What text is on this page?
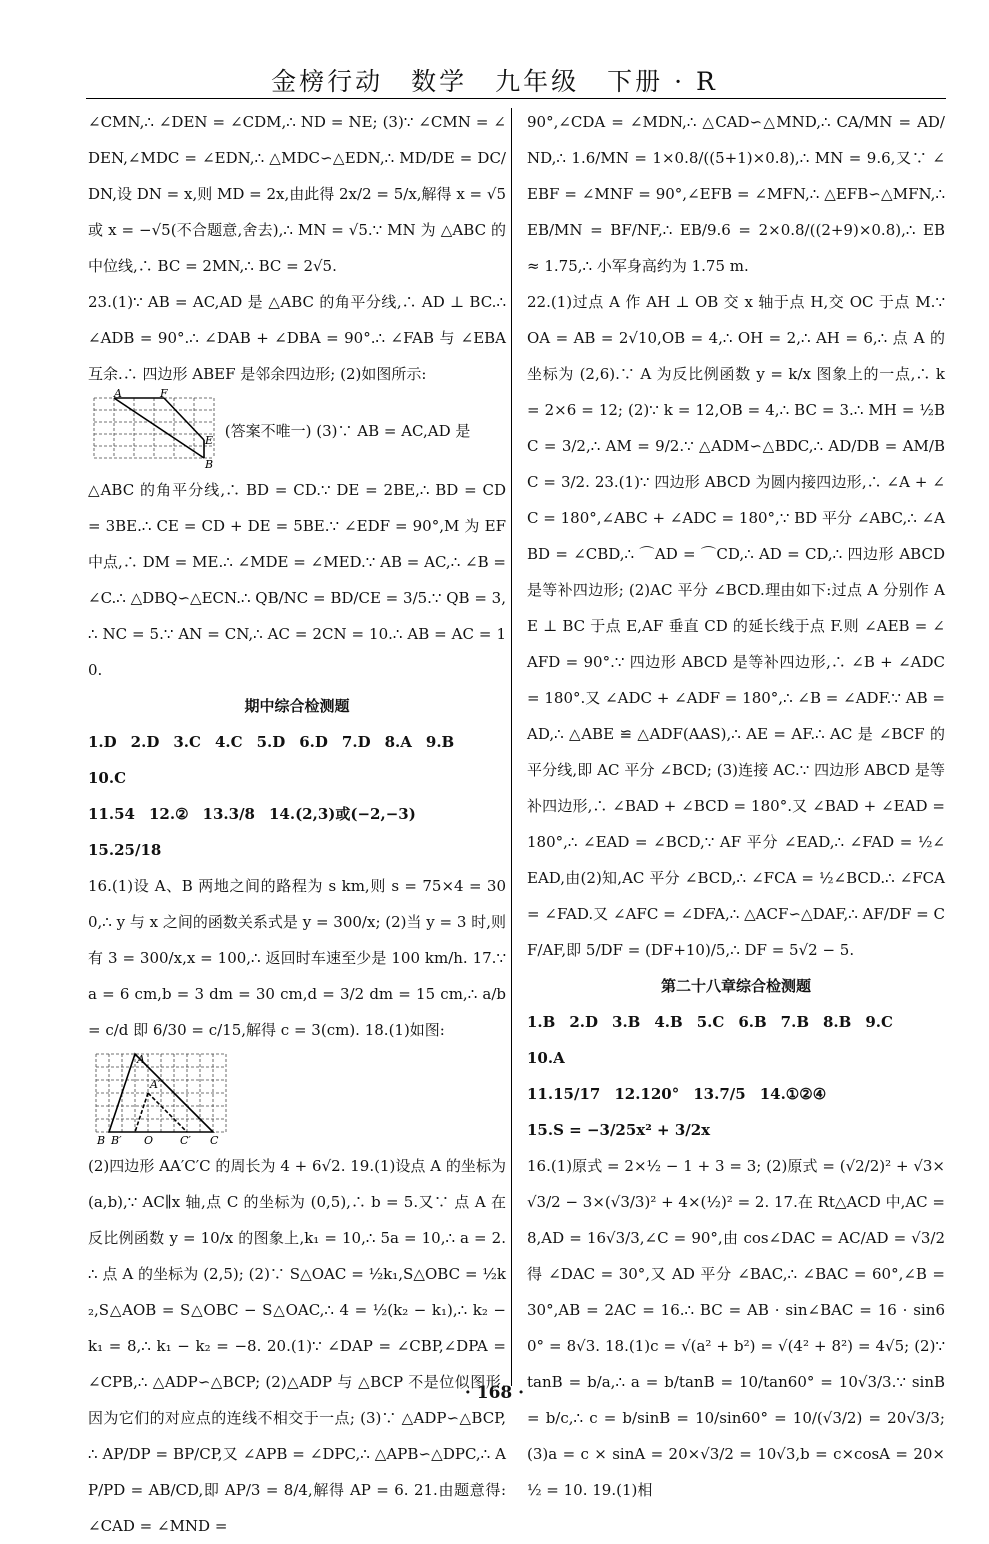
金榜行动　数学　九年级　下册 · R

∠CMN,∴ ∠DEN = ∠CDM,∴ ND = NE; (3)∵ ∠CMN = ∠DEN,∠MDC = ∠EDN,∴ △MDC∽△EDN,∴ MD/DE = DC/DN,设 DN = x,则 MD = 2x,由此得 2x/2 = 5/x,解得 x = √5 或 x = −√5(不合题意,舍去),∴ MN = √5.∵ MN 为 △ABC 的中位线,∴ BC = 2MN,∴ BC = 2√5.

23.(1)∵ AB = AC,AD 是 △ABC 的角平分线,∴ AD ⊥ BC.∴ ∠ADB = 90°.∴ ∠DAB + ∠DBA = 90°.∴ ∠FAB 与 ∠EBA 互余.∴ 四边形 ABEF 是邻余四边形; (2)如图所示:

A	F
E
B
(答案不唯一) (3)∵ AB = AC,AD 是

△ABC 的角平分线,∴ BD = CD.∵ DE = 2BE,∴ BD = CD = 3BE.∴ CE = CD + DE = 5BE.∵ ∠EDF = 90°,M 为 EF 中点,∴ DM = ME.∴ ∠MDE = ∠MED.∵ AB = AC,∴ ∠B = ∠C.∴ △DBQ∽△ECN.∴ QB/NC = BD/CE = 3/5.∵ QB = 3,∴ NC = 5.∵ AN = CN,∴ AC = 2CN = 10.∴ AB = AC = 10.

期中综合检测题

1.D 2.D 3.C 4.C 5.D 6.D 7.D 8.A 9.B10.C

11.54 12.② 13.3/8 14.(2,3)或(−2,−3)15.25/18

16.(1)设 A、B 两地之间的路程为 s km,则 s = 75×4 = 300,∴ y 与 x 之间的函数关系式是 y = 300/x; (2)当 y = 3 时,则有 3 = 300/x,x = 100,∴ 返回时车速至少是 100 km/h. 17.∵ a = 6 cm,b = 3 dm = 30 cm,d = 3/2 dm = 15 cm,∴ a/b = c/d 即 6/30 = c/15,解得 c = 3(cm). 18.(1)如图:

A
A′
B B′ O C′ C

(2)四边形 AA′C′C 的周长为 4 + 6√2. 19.(1)设点 A 的坐标为 (a,b),∵ AC∥x 轴,点 C 的坐标为 (0,5),∴ b = 5.又∵ 点 A 在反比例函数 y = 10/x 的图象上,k₁ = 10,∴ 5a = 10,∴ a = 2.∴ 点 A 的坐标为 (2,5); (2)∵ S△OAC = ½k₁,S△OBC = ½k₂,S△AOB = S△OBC − S△OAC,∴ 4 = ½(k₂ − k₁),∴ k₂ − k₁ = 8,∴ k₁ − k₂ = −8. 20.(1)∵ ∠DAP = ∠CBP,∠DPA = ∠CPB,∴ △ADP∽△BCP; (2)△ADP 与 △BCP 不是位似图形,因为它们的对应点的连线不相交于一点; (3)∵ △ADP∽△BCP,∴ AP/DP = BP/CP,又 ∠APB = ∠DPC,∴ △APB∽△DPC,∴ AP/PD = AB/CD,即 AP/3 = 8/4,解得 AP = 6. 21.由题意得:∠CAD = ∠MND =

90°,∠CDA = ∠MDN,∴ △CAD∽△MND,∴ CA/MN = AD/ND,∴ 1.6/MN = 1×0.8/((5+1)×0.8),∴ MN = 9.6,又∵ ∠EBF = ∠MNF = 90°,∠EFB = ∠MFN,∴ △EFB∽△MFN,∴ EB/MN = BF/NF,∴ EB/9.6 = 2×0.8/((2+9)×0.8),∴ EB ≈ 1.75,∴ 小军身高约为 1.75 m.

22.(1)过点 A 作 AH ⊥ OB 交 x 轴于点 H,交 OC 于点 M.∵ OA = AB = 2√10,OB = 4,∴ OH = 2,∴ AH = 6,∴ 点 A 的坐标为 (2,6).∵ A 为反比例函数 y = k/x 图象上的一点,∴ k = 2×6 = 12; (2)∵ k = 12,OB = 4,∴ BC = 3.∴ MH = ½BC = 3/2,∴ AM = 9/2.∵ △ADM∽△BDC,∴ AD/DB = AM/BC = 3/2. 23.(1)∵ 四边形 ABCD 为圆内接四边形,∴ ∠A + ∠C = 180°,∠ABC + ∠ADC = 180°,∵ BD 平分 ∠ABC,∴ ∠ABD = ∠CBD,∴ ⌒AD = ⌒CD,∴ AD = CD,∴ 四边形 ABCD 是等补四边形; (2)AC 平分 ∠BCD.理由如下:过点 A 分别作 AE ⊥ BC 于点 E,AF 垂直 CD 的延长线于点 F.则 ∠AEB = ∠AFD = 90°.∵ 四边形 ABCD 是等补四边形,∴ ∠B + ∠ADC = 180°.又 ∠ADC + ∠ADF = 180°,∴ ∠B = ∠ADF.∵ AB = AD,∴ △ABE ≌ △ADF(AAS),∴ AE = AF.∴ AC 是 ∠BCF 的平分线,即 AC 平分 ∠BCD; (3)连接 AC.∵ 四边形 ABCD 是等补四边形,∴ ∠BAD + ∠BCD = 180°.又 ∠BAD + ∠EAD = 180°,∴ ∠EAD = ∠BCD,∵ AF 平分 ∠EAD,∴ ∠FAD = ½∠EAD,由(2)知,AC 平分 ∠BCD,∴ ∠FCA = ½∠BCD.∴ ∠FCA = ∠FAD.又 ∠AFC = ∠DFA,∴ △ACF∽△DAF,∴ AF/DF = CF/AF,即 5/DF = (DF+10)/5,∴ DF = 5√2 − 5.

第二十八章综合检测题

1.B 2.D 3.B 4.B 5.C 6.B 7.B 8.B 9.C10.A

11.15/17 12.120° 13.7/5 14.①②④15.S = −3/25x² + 3/2x

16.(1)原式 = 2×½ − 1 + 3 = 3; (2)原式 = (√2/2)² + √3×√3/2 − 3×(√3/3)² + 4×(½)² = 2. 17.在 Rt△ACD 中,AC = 8,AD = 16√3/3,∠C = 90°,由 cos∠DAC = AC/AD = √3/2 得 ∠DAC = 30°,又 AD 平分 ∠BAC,∴ ∠BAC = 60°,∠B = 30°,AB = 2AC = 16.∴ BC = AB · sin∠BAC = 16 · sin60° = 8√3. 18.(1)c = √(a² + b²) = √(4² + 8²) = 4√5; (2)∵ tanB = b/a,∴ a = b/tanB = 10/tan60° = 10√3/3.∵ sinB = b/c,∴ c = b/sinB = 10/sin60° = 10/(√3/2) = 20√3/3; (3)a = c × sinA = 20×√3/2 = 10√3,b = c×cosA = 20×½ = 10. 19.(1)相

· 168 ·
